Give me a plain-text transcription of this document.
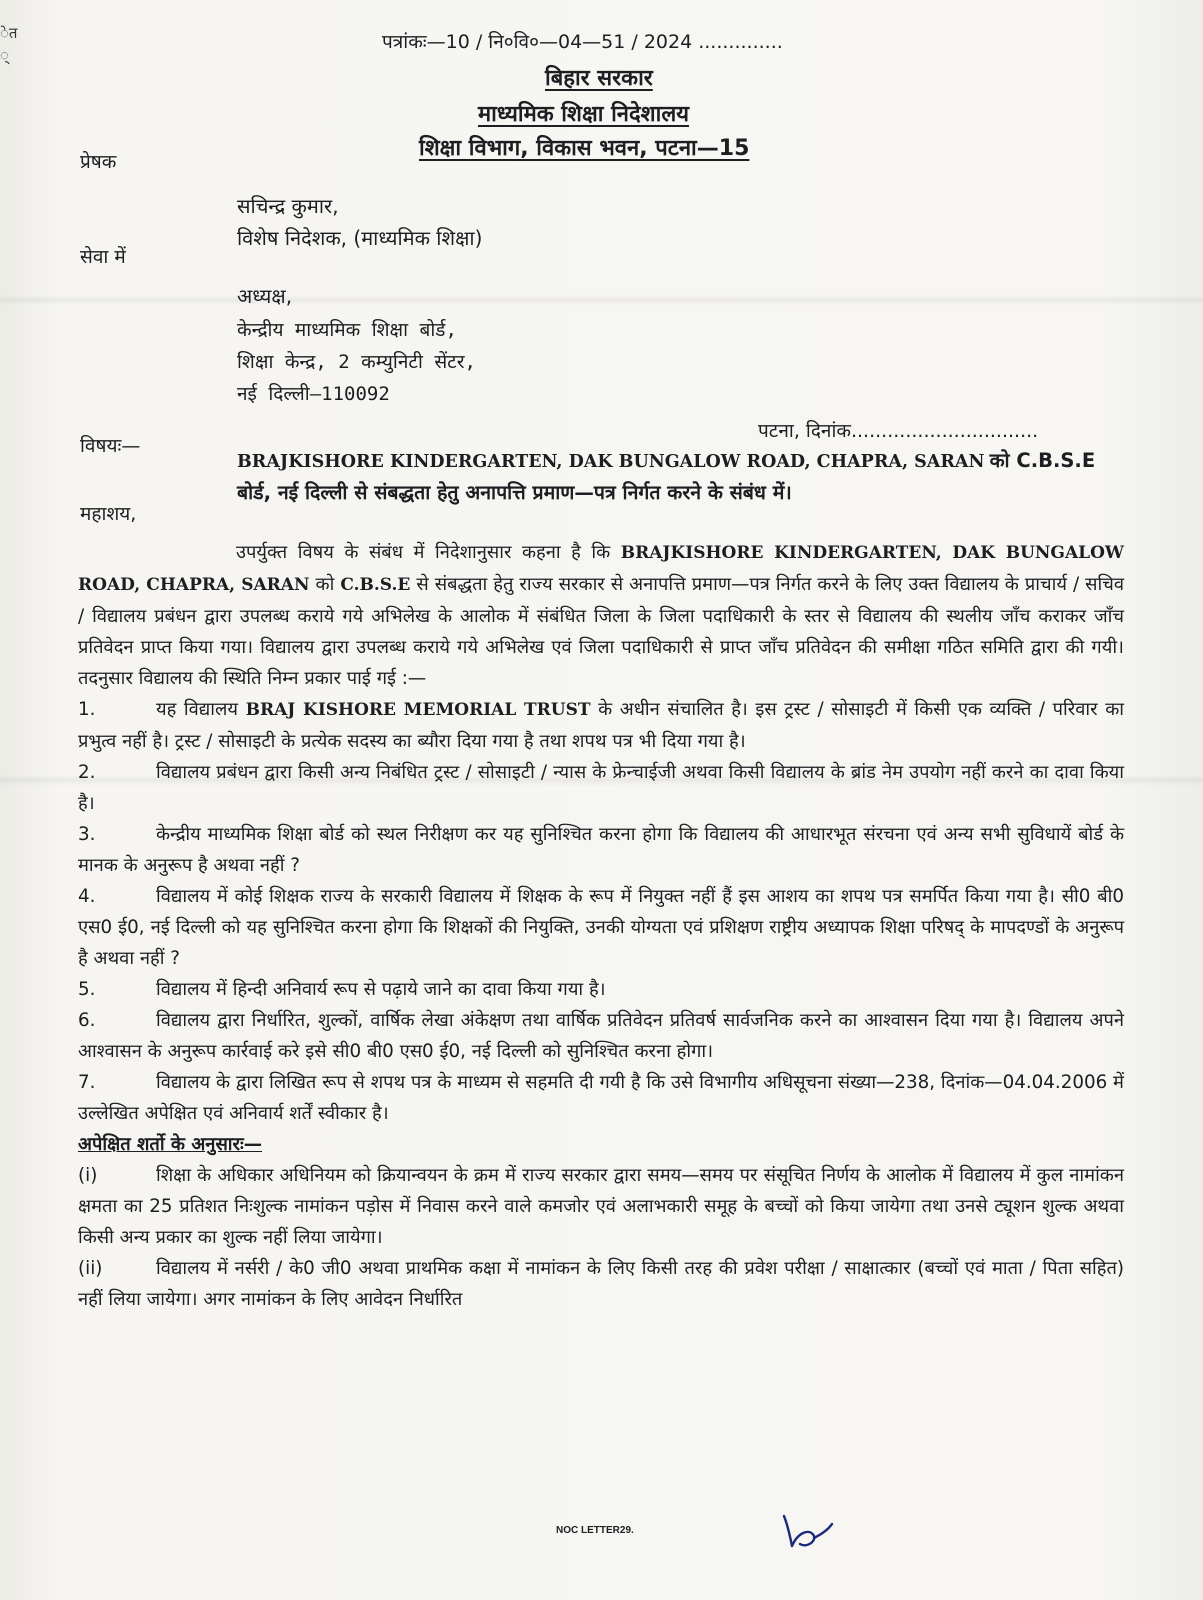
ेत
्
पत्रांकः—10 / नि०वि०—04—51 / 2024 ..............
बिहार सरकार
माध्यमिक शिक्षा निदेशालय
शिक्षा विभाग, विकास भवन, पटना—15
प्रेषक
सचिन्द्र कुमार,
विशेष निदेशक, (माध्यमिक शिक्षा)
सेवा में
अध्यक्ष,
केन्द्रीय माध्यमिक शिक्षा बोर्ड,
शिक्षा केन्द्र, 2 कम्युनिटी सेंटर,
नई दिल्ली—110092
पटना, दिनांक...............................
विषयः—
BRAJKISHORE KINDERGARTEN, DAK BUNGALOW ROAD, CHAPRA, SARAN को C.B.S.E
बोर्ड, नई दिल्ली से संबद्धता हेतु अनापत्ति प्रमाण—पत्र निर्गत करने के संबंध में।
महाशय,

उपर्युक्त विषय के संबंध में निदेशानुसार कहना है कि BRAJKISHORE KINDERGARTEN, DAK BUNGALOW ROAD, CHAPRA, SARAN को C.B.S.E से संबद्धता हेतु राज्य सरकार से अनापत्ति प्रमाण—पत्र निर्गत करने के लिए उक्त विद्यालय के प्राचार्य / सचिव / विद्यालय प्रबंधन द्वारा उपलब्ध कराये गये अभिलेख के आलोक में संबंधित जिला के जिला पदाधिकारी के स्तर से विद्यालय की स्थलीय जाँच कराकर जाँच प्रतिवेदन प्राप्त किया गया। विद्यालय द्वारा उपलब्ध कराये गये अभिलेख एवं जिला पदाधिकारी से प्राप्त जाँच प्रतिवेदन की समीक्षा गठित समिति द्वारा की गयी। तदनुसार विद्यालय की स्थिति निम्न प्रकार पाई गई :—

1.	यह विद्यालय BRAJ KISHORE MEMORIAL TRUST के अधीन संचालित है। इस ट्रस्ट / सोसाइटी में किसी एक व्यक्ति / परिवार का प्रभुत्व नहीं है। ट्रस्ट / सोसाइटी के प्रत्येक सदस्य का ब्यौरा दिया गया है तथा शपथ पत्र भी दिया गया है।

2.	विद्यालय प्रबंधन द्वारा किसी अन्य निबंधित ट्रस्ट / सोसाइटी / न्यास के फ्रेन्चाईजी अथवा किसी विद्यालय के ब्रांड नेम उपयोग नहीं करने का दावा किया है।

3.	केन्द्रीय माध्यमिक शिक्षा बोर्ड को स्थल निरीक्षण कर यह सुनिश्चित करना होगा कि विद्यालय की आधारभूत संरचना एवं अन्य सभी सुविधायें बोर्ड के मानक के अनुरूप है अथवा नहीं ?

4.	विद्यालय में कोई शिक्षक राज्य के सरकारी विद्यालय में शिक्षक के रूप में नियुक्त नहीं हैं इस आशय का शपथ पत्र समर्पित किया गया है। सी0 बी0 एस0 ई0, नई दिल्ली को यह सुनिश्चित करना होगा कि शिक्षकों की नियुक्ति, उनकी योग्यता एवं प्रशिक्षण राष्ट्रीय अध्यापक शिक्षा परिषद् के मापदण्डों के अनुरूप है अथवा नहीं ?

5.	विद्यालय में हिन्दी अनिवार्य रूप से पढ़ाये जाने का दावा किया गया है।

6.	विद्यालय द्वारा निर्धारित, शुल्कों, वार्षिक लेखा अंकेक्षण तथा वार्षिक प्रतिवेदन प्रतिवर्ष सार्वजनिक करने का आश्वासन दिया गया है। विद्यालय अपने आश्वासन के अनुरूप कार्रवाई करे इसे सी0 बी0 एस0 ई0, नई दिल्ली को सुनिश्चित करना होगा।

7.	विद्यालय के द्वारा लिखित रूप से शपथ पत्र के माध्यम से सहमति दी गयी है कि उसे विभागीय अधिसूचना संख्या—238, दिनांक—04.04.2006 में उल्लेखित अपेक्षित एवं अनिवार्य शर्तें स्वीकार है।

अपेक्षित शर्तो के अनुसारः—

(i)	शिक्षा के अधिकार अधिनियम को क्रियान्वयन के क्रम में राज्य सरकार द्वारा समय—समय पर संसूचित निर्णय के आलोक में विद्यालय में कुल नामांकन क्षमता का 25 प्रतिशत निःशुल्क नामांकन पड़ोस में निवास करने वाले कमजोर एवं अलाभकारी समूह के बच्चों को किया जायेगा तथा उनसे ट्यूशन शुल्क अथवा किसी अन्य प्रकार का शुल्क नहीं लिया जायेगा।

(ii)	विद्यालय में नर्सरी / के0 जी0 अथवा प्राथमिक कक्षा में नामांकन के लिए किसी तरह की प्रवेश परीक्षा / साक्षात्कार (बच्चों एवं माता / पिता सहित) नहीं लिया जायेगा। अगर नामांकन के लिए आवेदन निर्धारित

NOC LETTER29.
